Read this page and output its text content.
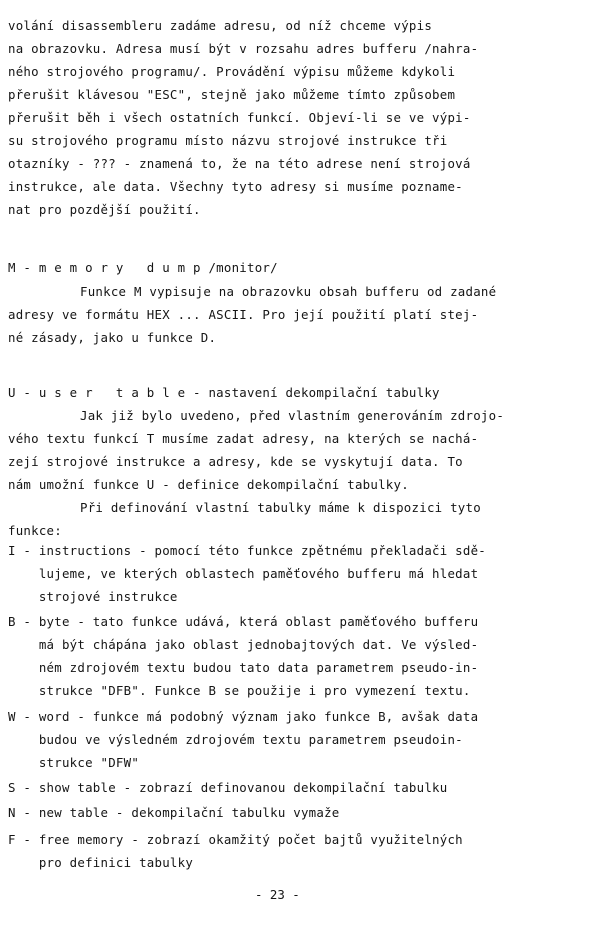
volání disassembleru zadáme adresu, od níž chceme výpis
na obrazovku. Adresa musí být v rozsahu adres bufferu /nahra-
ného strojového programu/. Provádění výpisu můžeme kdykoli
přerušit klávesou "ESC", stejně jako můžeme tímto způsobem
přerušit běh i všech ostatních funkcí. Objeví-li se ve výpi-
su strojového programu místo názvu strojové instrukce tři
otazníky - ??? - znamená to, že na této adrese není strojová
instrukce, ale data. Všechny tyto adresy si musíme poznamе-
nat pro pozdější použití.
M - m e m o r y   d u m p /monitor/
Funkce M vypisuje na obrazovku obsah bufferu od zadané
adresy ve formátu HEX ... ASCII. Pro její použití platí stej-
né zásady, jako u funkce D.
U - u s e r   t a b l e - nastavení dekompilační tabulky
Jak již bylo uvedeno, před vlastním generováním zdrojo-
vého textu funkcí T musíme zadat adresy, na kterých se nachá-
zejí strojové instrukce a adresy, kde se vyskytují data. To
nám umožní funkce U - definice dekompilační tabulky.
Při definování vlastní tabulky máme k dispozici tyto
funkce:
I - instructions - pomocí této funkce zpětnému překladači sdě-
lujeme, ve kterých oblastech paměťového bufferu má hledat
strojové instrukce
B - byte - tato funkce udává, která oblast paměťového bufferu
má být chápána jako oblast jednobajtových dat. Ve výsled-
ném zdrojovém textu budou tato data parametrem pseudo-in-
strukce "DFB". Funkce B se použije i pro vymezení textu.
W - word - funkce má podobný význam jako funkce B, avšak data
budou ve výsledném zdrojovém textu parametrem pseudoin-
strukce "DFW"
S - show table - zobrazí definovanou dekompilační tabulku
N - new table - dekompilační tabulku vymaže
F - free memory - zobrazí okamžitý počet bajtů využitelných
pro definici tabulky
- 23 -
